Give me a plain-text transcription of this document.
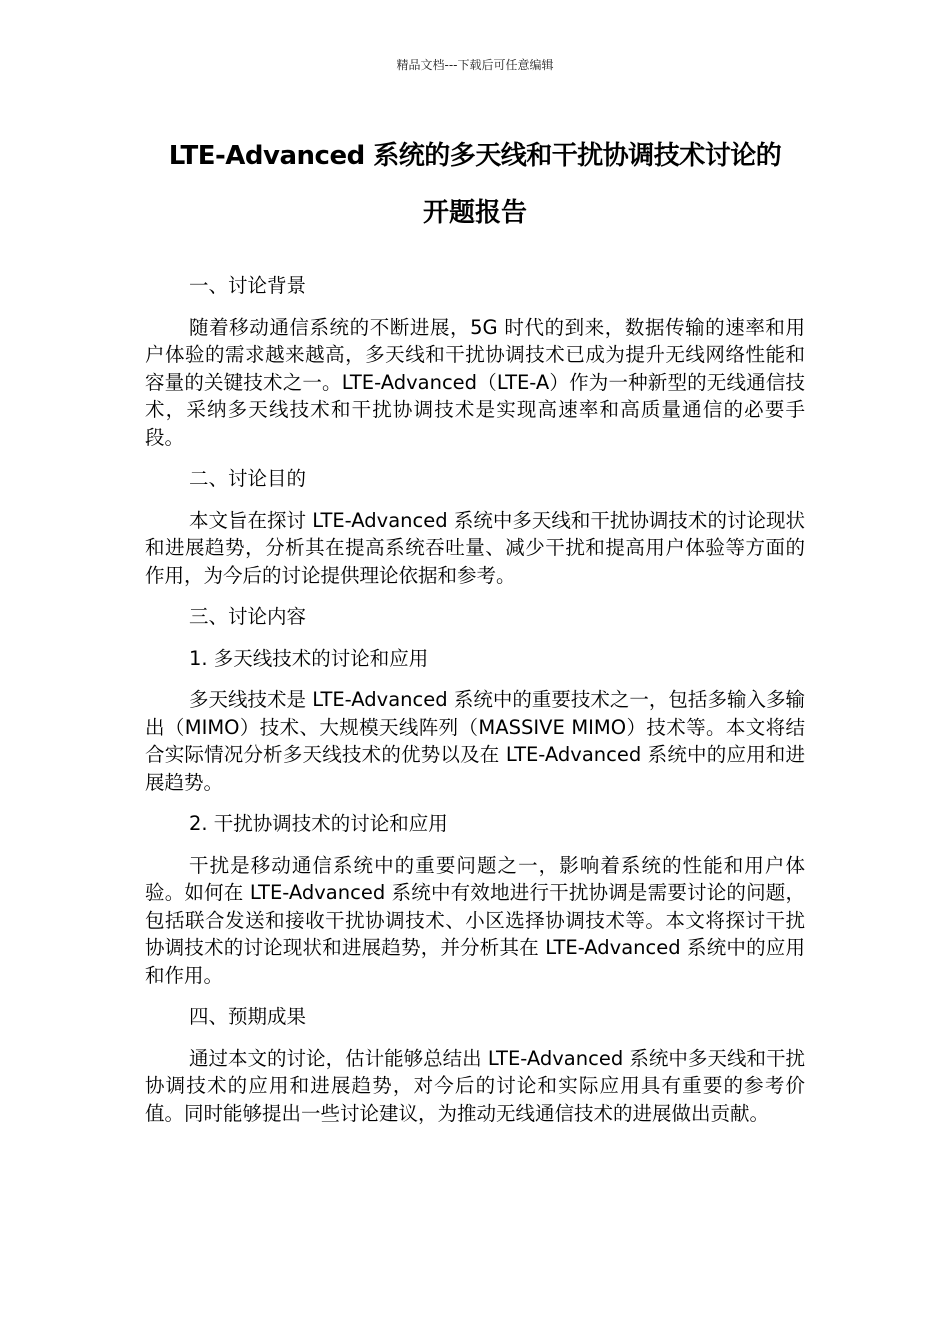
精品文档---下载后可任意编辑
LTE-Advanced 系统的多天线和干扰协调技术讨论的
开题报告

一、讨论背景

随着移动通信系统的不断进展，5G 时代的到来，数据传输的速率和用户体验的需求越来越高，多天线和干扰协调技术已成为提升无线网络性能和容量的关键技术之一。LTE-Advanced（LTE-A）作为一种新型的无线通信技术，采纳多天线技术和干扰协调技术是实现高速率和高质量通信的必要手段。

二、讨论目的

本文旨在探讨 LTE-Advanced 系统中多天线和干扰协调技术的讨论现状和进展趋势，分析其在提高系统吞吐量、减少干扰和提高用户体验等方面的作用，为今后的讨论提供理论依据和参考。

三、讨论内容

1. 多天线技术的讨论和应用

多天线技术是 LTE-Advanced 系统中的重要技术之一，包括多输入多输出（MIMO）技术、大规模天线阵列（MASSIVE MIMO）技术等。本文将结合实际情况分析多天线技术的优势以及在 LTE-Advanced 系统中的应用和进展趋势。

2. 干扰协调技术的讨论和应用

干扰是移动通信系统中的重要问题之一，影响着系统的性能和用户体验。如何在 LTE-Advanced 系统中有效地进行干扰协调是需要讨论的问题，包括联合发送和接收干扰协调技术、小区选择协调技术等。本文将探讨干扰协调技术的讨论现状和进展趋势，并分析其在 LTE-Advanced 系统中的应用和作用。

四、预期成果

通过本文的讨论，估计能够总结出 LTE-Advanced 系统中多天线和干扰协调技术的应用和进展趋势，对今后的讨论和实际应用具有重要的参考价值。同时能够提出一些讨论建议，为推动无线通信技术的进展做出贡献。
